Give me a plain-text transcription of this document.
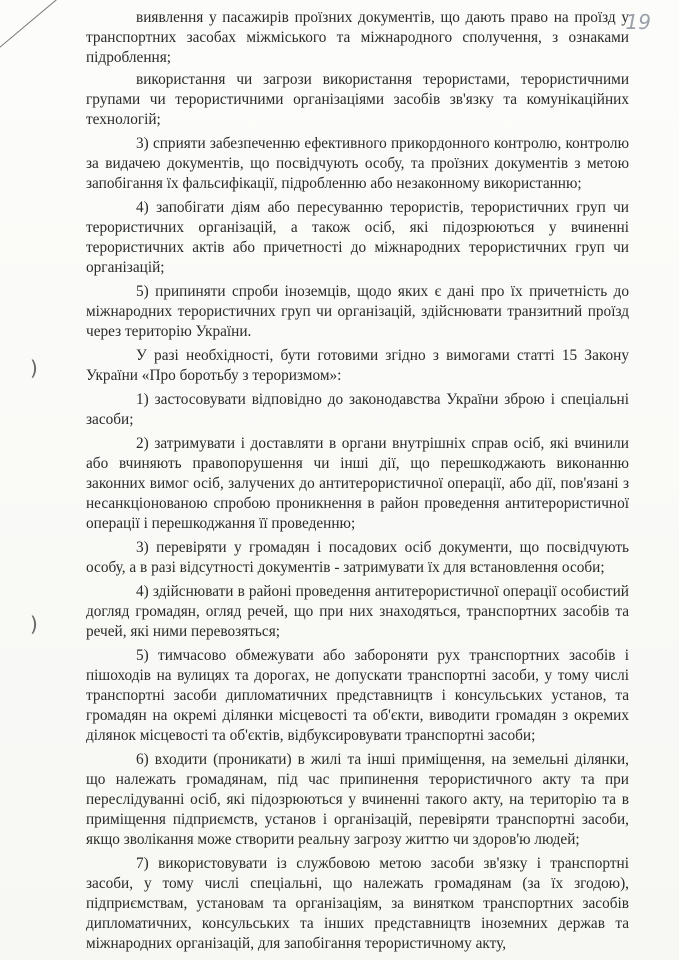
19
)
)

виявлення у пасажирів проїзних документів, що дають право на проїзд у транспортних засобах міжміського та міжнародного сполучення, з ознаками підроблення;

використання чи загрози використання терористами, терористичними групами чи терористичними організаціями засобів зв'язку та комунікаційних технологій;

3) сприяти забезпеченню ефективного прикордонного контролю, контролю за видачею документів, що посвідчують особу, та проїзних документів з метою запобігання їх фальсифікації, підробленню або незаконному використанню;

4) запобігати діям або пересуванню терористів, терористичних груп чи терористичних організацій, а також осіб, які підозрюються у вчиненні терористичних актів або причетності до міжнародних терористичних груп чи організацій;

5) припиняти спроби іноземців, щодо яких є дані про їх причетність до міжнародних терористичних груп чи організацій, здійснювати транзитний проїзд через територію України.

У разі необхідності, бути готовими згідно з вимогами статті 15 Закону України «Про боротьбу з тероризмом»:

1) застосовувати відповідно до законодавства України зброю і спеціальні засоби;

2) затримувати і доставляти в органи внутрішніх справ осіб, які вчинили або вчиняють правопорушення чи інші дії, що перешкоджають виконанню законних вимог осіб, залучених до антитерористичної операції, або дії, пов'язані з несанкціонованою спробою проникнення в район проведення антитерористичної операції і перешкоджання її проведенню;

3) перевіряти у громадян і посадових осіб документи, що посвідчують особу, а в разі відсутності документів - затримувати їх для встановлення особи;

4) здійснювати в районі проведення антитерористичної операції особистий догляд громадян, огляд речей, що при них знаходяться, транспортних засобів та речей, які ними перевозяться;

5) тимчасово обмежувати або забороняти рух транспортних засобів і пішоходів на вулицях та дорогах, не допускати транспортні засоби, у тому числі транспортні засоби дипломатичних представництв і консульських установ, та громадян на окремі ділянки місцевості та об'єкти, виводити громадян з окремих ділянок місцевості та об'єктів, відбуксировувати транспортні засоби;

6) входити (проникати) в жилі та інші приміщення, на земельні ділянки, що належать громадянам, під час припинення терористичного акту та при переслідуванні осіб, які підозрюються у вчиненні такого акту, на територію та в приміщення підприємств, установ і організацій, перевіряти транспортні засоби, якщо зволікання може створити реальну загрозу життю чи здоров'ю людей;

7) використовувати із службовою метою засоби зв'язку і транспортні засоби, у тому числі спеціальні, що належать громадянам (за їх згодою), підприємствам, установам та організаціям, за винятком транспортних засобів дипломатичних, консульських та інших представництв іноземних держав та міжнародних організацій, для запобігання терористичному акту,
